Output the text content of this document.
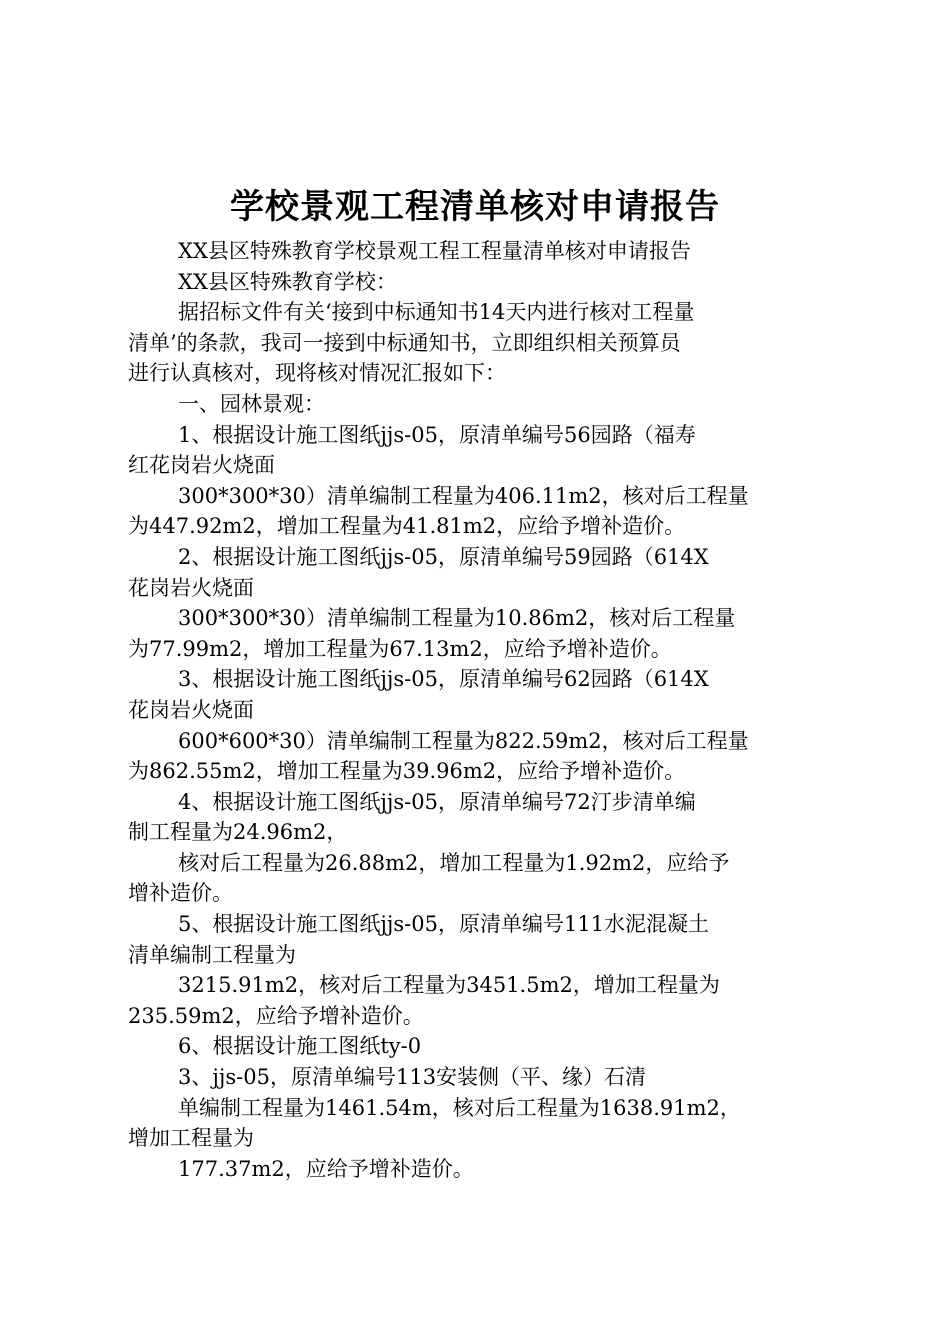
学校景观工程清单核对申请报告

XX县区特殊教育学校景观工程工程量清单核对申请报告

XX县区特殊教育学校：

据招标文件有关‘接到中标通知书14天内进行核对工程量

清单’的条款，我司一接到中标通知书，立即组织相关预算员

进行认真核对，现将核对情况汇报如下：

一、园林景观：

1、根据设计施工图纸jjs-05，原清单编号56园路（福寿

红花岗岩火烧面

300*300*30）清单编制工程量为406.11m2，核对后工程量

为447.92m2，增加工程量为41.81m2，应给予增补造价。

2、根据设计施工图纸jjs-05，原清单编号59园路（614X

花岗岩火烧面

300*300*30）清单编制工程量为10.86m2，核对后工程量

为77.99m2，增加工程量为67.13m2，应给予增补造价。

3、根据设计施工图纸jjs-05，原清单编号62园路（614X

花岗岩火烧面

600*600*30）清单编制工程量为822.59m2，核对后工程量

为862.55m2，增加工程量为39.96m2，应给予增补造价。

4、根据设计施工图纸jjs-05，原清单编号72汀步清单编

制工程量为24.96m2，

核对后工程量为26.88m2，增加工程量为1.92m2，应给予

增补造价。

5、根据设计施工图纸jjs-05，原清单编号111水泥混凝土

清单编制工程量为

3215.91m2，核对后工程量为3451.5m2，增加工程量为

235.59m2，应给予增补造价。

6、根据设计施工图纸ty-0

3、jjs-05，原清单编号113安装侧（平、缘）石清

单编制工程量为1461.54m，核对后工程量为1638.91m2，

增加工程量为

177.37m2，应给予增补造价。
